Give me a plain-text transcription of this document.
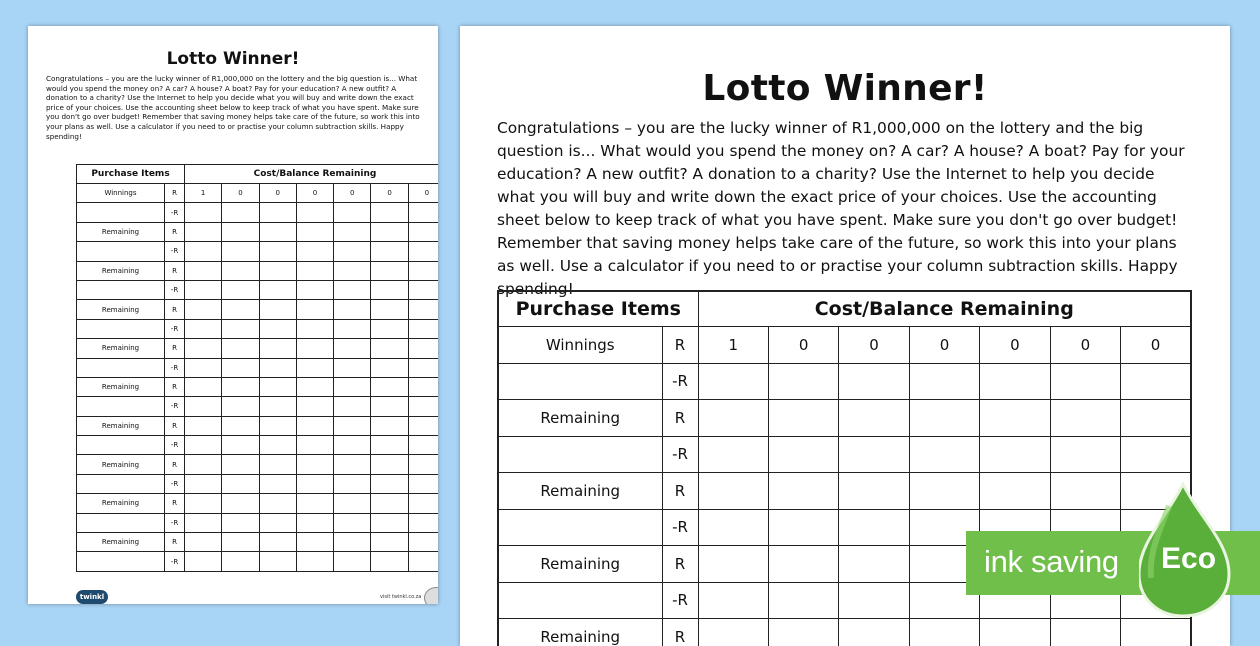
Lotto Winner!
Congratulations – you are the lucky winner of R1,000,000 on the lottery and the big question is... What would you spend the money on? A car? A house? A boat? Pay for your education? A new outfit? A donation to a charity? Use the Internet to help you decide what you will buy and write down the exact price of your choices. Use the accounting sheet below to keep track of what you have spent. Make sure you don't go over budget! Remember that saving money helps take care of the future, so work this into your plans as well. Use a calculator if you need to or practise your column subtraction skills. Happy spending!
Purchase Items		Cost/Balance Remaining						
Winnings	R	1	0	0	0	0	0	0
	-R							
Remaining	R							
	-R							
Remaining	R							
	-R							
Remaining	R							
	-R							
Remaining	R							
	-R							
Remaining	R							
	-R							
Remaining	R							
	-R							
Remaining	R							
	-R							
Remaining	R							
	-R							
Remaining	R							
	-R							
twinkl	visit twinkl.co.za
Lotto Winner!
Congratulations – you are the lucky winner of R1,000,000 on the lottery and the big question is... What would you spend the money on? A car? A house? A boat? Pay for your education? A new outfit? A donation to a charity? Use the Internet to help you decide what you will buy and write down the exact price of your choices. Use the accounting sheet below to keep track of what you have spent. Make sure you don't go over budget! Remember that saving money helps take care of the future, so work this into your plans as well. Use a calculator if you need to or practise your column subtraction skills. Happy spending!
Purchase Items		Cost/Balance Remaining						
Winnings	R	1	0	0	0	0	0	0
	-R							
Remaining	R							
	-R							
Remaining	R							
	-R							
Remaining	R							
	-R							
Remaining	R							
ink saving Eco
